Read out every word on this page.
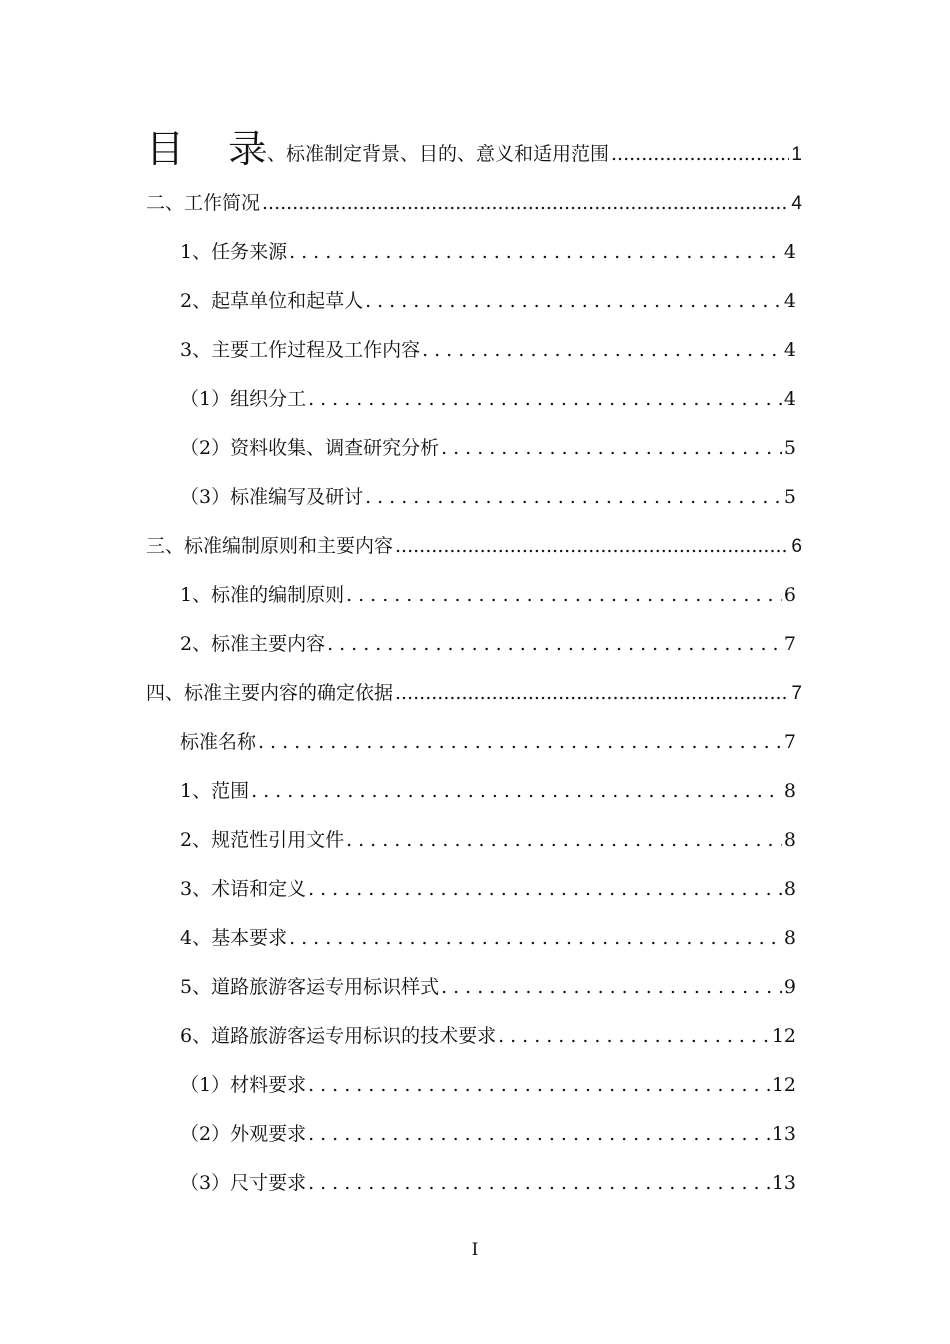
目 录
一、标准制定背景、目的、意义和适用范围 .....	1
二、工作简况 .....	4
1、任务来源 .....	4
2、起草单位和起草人 .....	4
3、主要工作过程及工作内容 .....	4
（1）组织分工 .....	4
（2）资料收集、调查研究分析 .....	5
（3）标准编写及研讨 .....	5
三、标准编制原则和主要内容 .....	6
1、标准的编制原则 .....	6
2、标准主要内容 .....	7
四、标准主要内容的确定依据 .....	7
标准名称 .....	7
1、范围 .....	8
2、规范性引用文件 .....	8
3、术语和定义 .....	8
4、基本要求 .....	8
5、道路旅游客运专用标识样式 .....	9
6、道路旅游客运专用标识的技术要求 .....	12
（1）材料要求 .....	12
（2）外观要求 .....	13
（3）尺寸要求 .....	13
I
